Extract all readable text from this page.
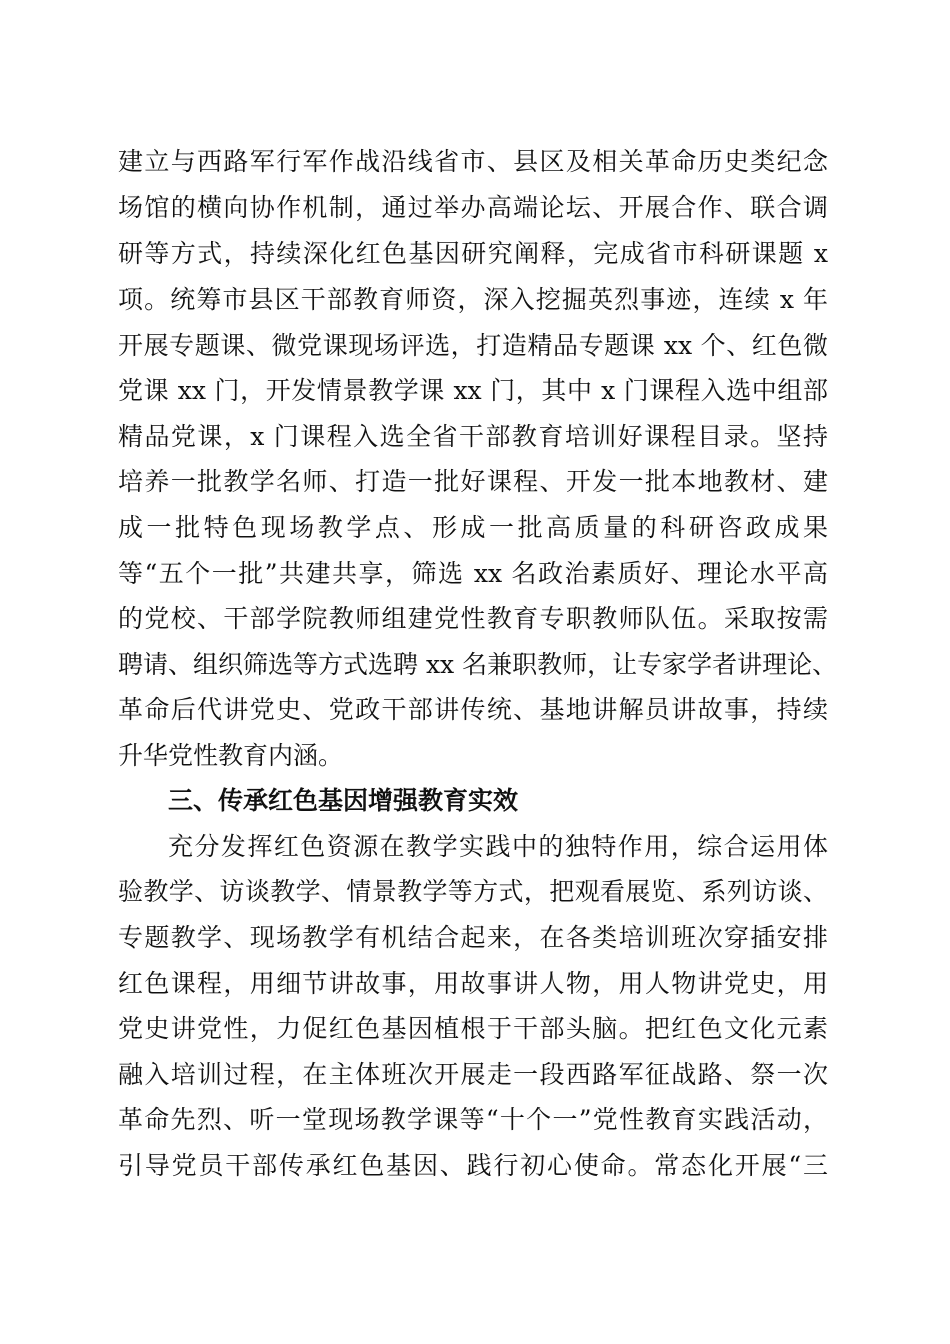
建立与西路军行军作战沿线省市、县区及相关革命历史类纪念
场馆的横向协作机制，通过举办高端论坛、开展合作、联合调
研等方式，持续深化红色基因研究阐释，完成省市科研课题 x
项。统筹市县区干部教育师资，深入挖掘英烈事迹，连续 x 年
开展专题课、微党课现场评选，打造精品专题课 xx 个、红色微
党课 xx 门，开发情景教学课 xx 门，其中 x 门课程入选中组部
精品党课，x 门课程入选全省干部教育培训好课程目录。坚持
培养一批教学名师、打造一批好课程、开发一批本地教材、建
成一批特色现场教学点、形成一批高质量的科研咨政成果
等“五个一批”共建共享，筛选 xx 名政治素质好、理论水平高
的党校、干部学院教师组建党性教育专职教师队伍。采取按需
聘请、组织筛选等方式选聘 xx 名兼职教师，让专家学者讲理论、
革命后代讲党史、党政干部讲传统、基地讲解员讲故事，持续
升华党性教育内涵。
三、传承红色基因增强教育实效
充分发挥红色资源在教学实践中的独特作用，综合运用体
验教学、访谈教学、情景教学等方式，把观看展览、系列访谈、
专题教学、现场教学有机结合起来，在各类培训班次穿插安排
红色课程，用细节讲故事，用故事讲人物，用人物讲党史，用
党史讲党性，力促红色基因植根于干部头脑。把红色文化元素
融入培训过程，在主体班次开展走一段西路军征战路、祭一次
革命先烈、听一堂现场教学课等“十个一”党性教育实践活动，
引导党员干部传承红色基因、践行初心使命。常态化开展“三
